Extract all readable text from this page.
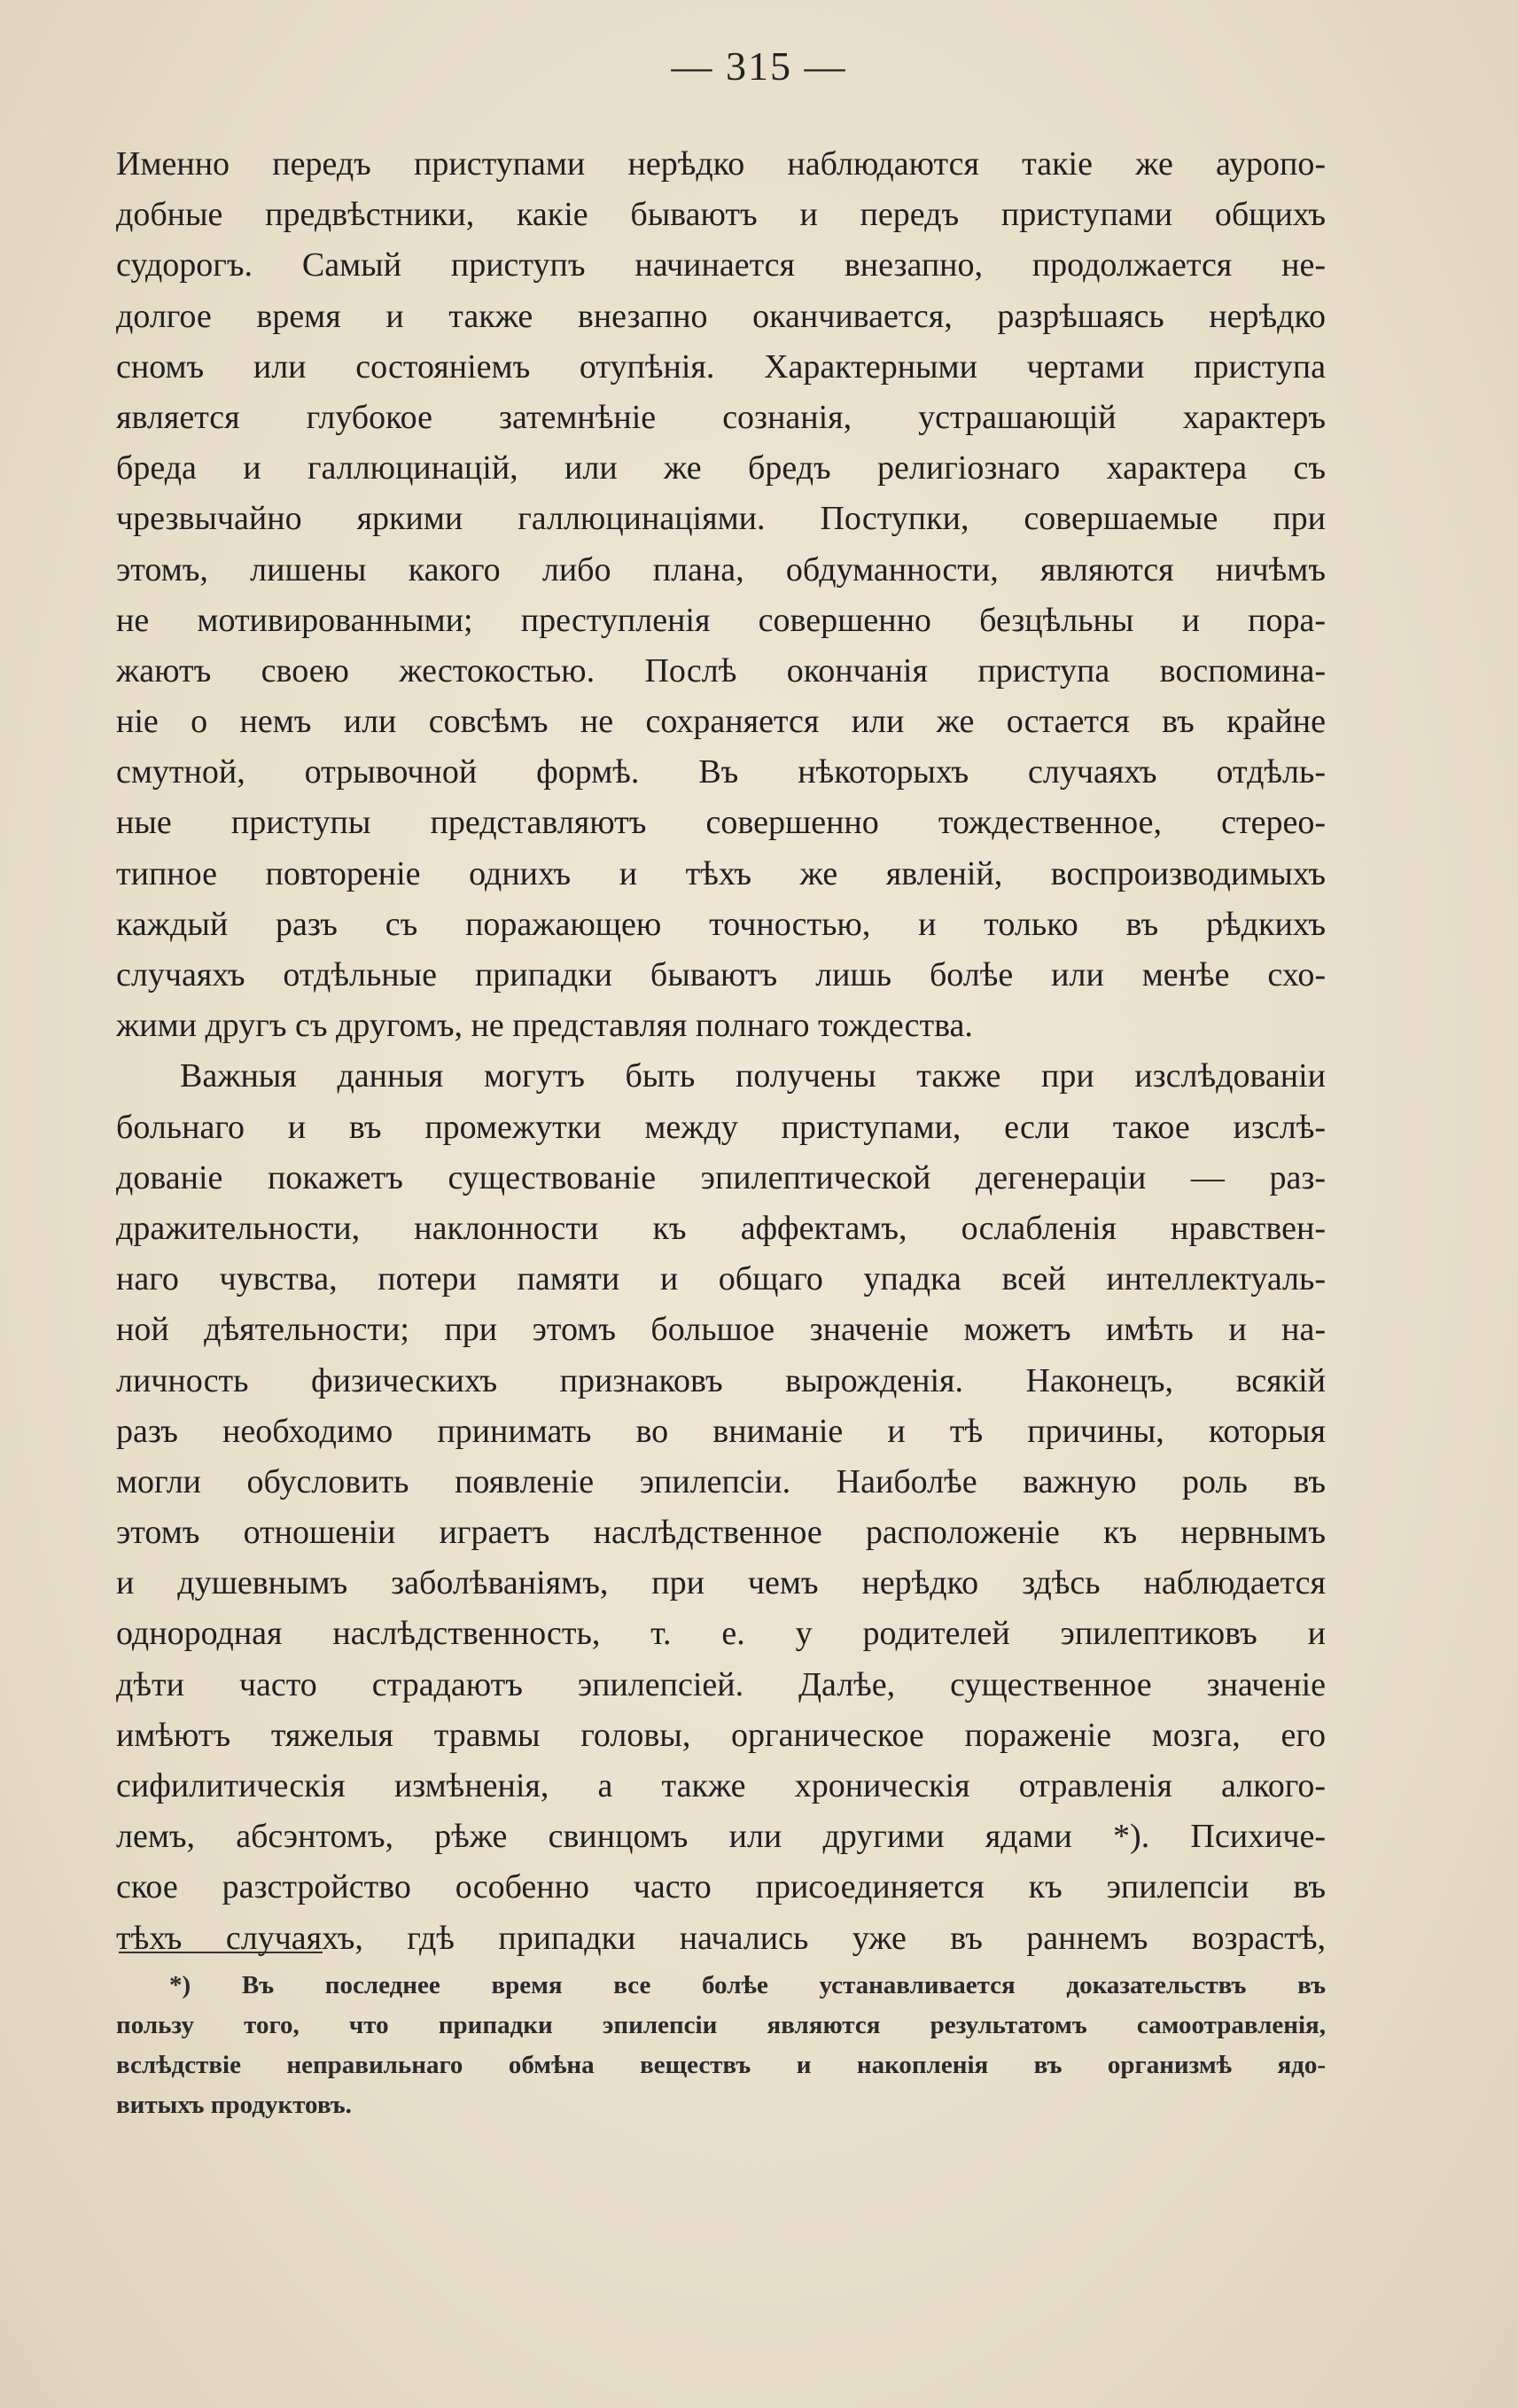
— 315 —
Именно передъ приступами нерѣдко наблюдаются такіе же ауропо-
добные предвѣстники, какіе бываютъ и передъ приступами общихъ
судорогъ. Самый приступъ начинается внезапно, продолжается не-
долгое время и также внезапно оканчивается, разрѣшаясь нерѣдко
сномъ или состояніемъ отупѣнія. Характерными чертами приступа
является глубокое затемнѣніе сознанія, устрашающій характеръ
бреда и галлюцинацій, или же бредъ религіознаго характера съ
чрезвычайно яркими галлюцинаціями. Поступки, совершаемые при
этомъ, лишены какого либо плана, обдуманности, являются ничѣмъ
не мотивированными; преступленія совершенно безцѣльны и пора-
жаютъ своею жестокостью. Послѣ окончанія приступа воспомина-
ніе о немъ или совсѣмъ не сохраняется или же остается въ крайне
смутной, отрывочной формѣ. Въ нѣкоторыхъ случаяхъ отдѣль-
ные приступы представляютъ совершенно тождественное, стерео-
типное повтореніе однихъ и тѣхъ же явленій, воспроизводимыхъ
каждый разъ съ поражающею точностью, и только въ рѣдкихъ
случаяхъ отдѣльные припадки бываютъ лишь болѣе или менѣе схо-
жими другъ съ другомъ, не представляя полнаго тождества.
Важныя данныя могутъ быть получены также при изслѣдованіи
больнаго и въ промежутки между приступами, если такое изслѣ-
дованіе покажетъ существованіе эпилептической дегенераціи — раз-
дражительности, наклонности къ аффектамъ, ослабленія нравствен-
наго чувства, потери памяти и общаго упадка всей интеллектуаль-
ной дѣятельности; при этомъ большое значеніе можетъ имѣть и на-
личность физическихъ признаковъ вырожденія. Наконецъ, всякій
разъ необходимо принимать во вниманіе и тѣ причины, которыя
могли обусловить появленіе эпилепсіи. Наиболѣе важную роль въ
этомъ отношеніи играетъ наслѣдственное расположеніе къ нервнымъ
и душевнымъ заболѣваніямъ, при чемъ нерѣдко здѣсь наблюдается
однородная наслѣдственность, т. е. у родителей эпилептиковъ и
дѣти часто страдаютъ эпилепсіей. Далѣе, существенное значеніе
имѣютъ тяжелыя травмы головы, органическое пораженіе мозга, его
сифилитическія измѣненія, а также хроническія отравленія алкого-
лемъ, абсэнтомъ, рѣже свинцомъ или другими ядами *). Психиче-
ское разстройство особенно часто присоединяется къ эпилепсіи въ
тѣхъ случаяхъ, гдѣ припадки начались уже въ раннемъ возрастѣ,
*) Въ последнее время все болѣе устанавливается доказательствъ въ
пользу того, что припадки эпилепсіи являются результатомъ самоотравленія,
вслѣдствіе неправильнаго обмѣна веществъ и накопленія въ организмѣ ядо-
витыхъ продуктовъ.
